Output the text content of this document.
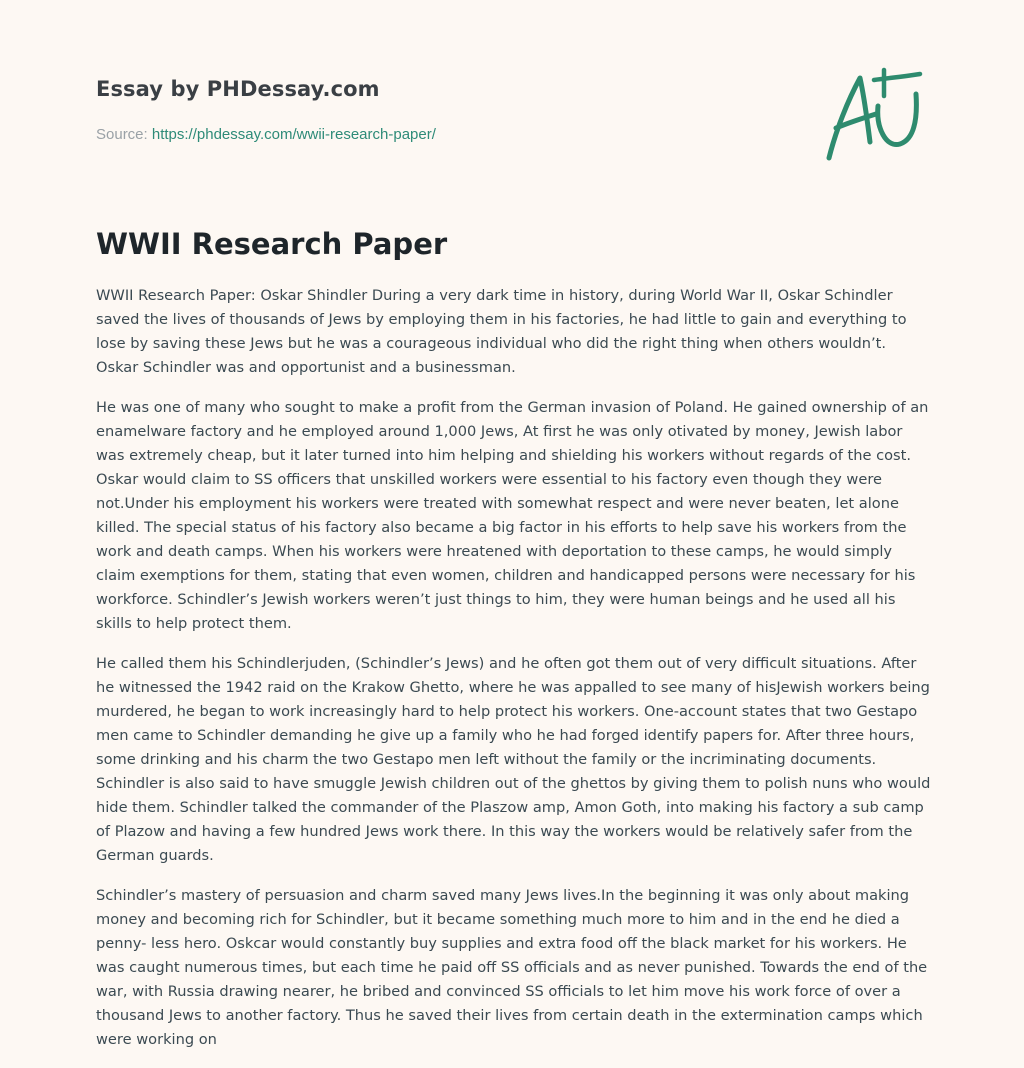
Essay by PHDessay.com
Source: https://phdessay.com/wwii-research-paper/
WWII Research Paper

WWII Research Paper: Oskar Shindler During a very dark time in history, during World War II, Oskar Schindler saved the lives of thousands of Jews by employing them in his factories, he had little to gain and everything to lose by saving these Jews but he was a courageous individual who did the right thing when others wouldn’t. Oskar Schindler was and opportunist and a businessman.

He was one of many who sought to make a profit from the German invasion of Poland. He gained ownership of an enamelware factory and he employed around 1,000 Jews, At first he was only otivated by money, Jewish labor was extremely cheap, but it later turned into him helping and shielding his workers without regards of the cost. Oskar would claim to SS officers that unskilled workers were essential to his factory even though they were not.Under his employment his workers were treated with somewhat respect and were never beaten, let alone killed. The special status of his factory also became a big factor in his efforts to help save his workers from the work and death camps. When his workers were hreatened with deportation to these camps, he would simply claim exemptions for them, stating that even women, children and handicapped persons were necessary for his workforce. Schindler’s Jewish workers weren’t just things to him, they were human beings and he used all his skills to help protect them.

He called them his Schindlerjuden, (Schindler’s Jews) and he often got them out of very difficult situations. After he witnessed the 1942 raid on the Krakow Ghetto, where he was appalled to see many of hisJewish workers being murdered, he began to work increasingly hard to help protect his workers. One-account states that two Gestapo men came to Schindler demanding he give up a family who he had forged identify papers for. After three hours, some drinking and his charm the two Gestapo men left without the family or the incriminating documents. Schindler is also said to have smuggle Jewish children out of the ghettos by giving them to polish nuns who would hide them. Schindler talked the commander of the Plaszow amp, Amon Goth, into making his factory a sub camp of Plazow and having a few hundred Jews work there. In this way the workers would be relatively safer from the German guards.

Schindler’s mastery of persuasion and charm saved many Jews lives.In the beginning it was only about making money and becoming rich for Schindler, but it became something much more to him and in the end he died a penny- less hero. Oskcar would constantly buy supplies and extra food off the black market for his workers. He was caught numerous times, but each time he paid off SS officials and as never punished. Towards the end of the war, with Russia drawing nearer, he bribed and convinced SS officials to let him move his work force of over a thousand Jews to another factory. Thus he saved their lives from certain death in the extermination camps which were working on
